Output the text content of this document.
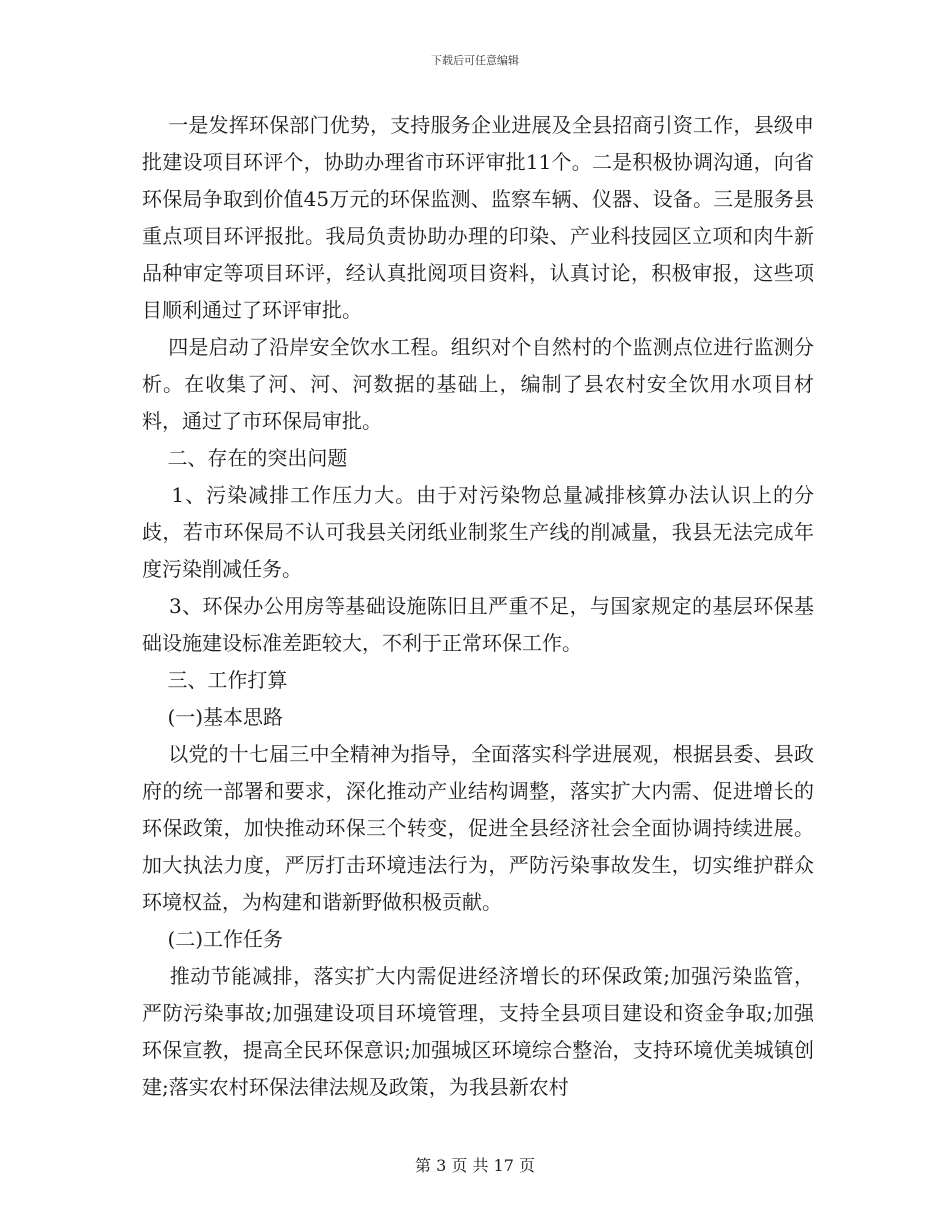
下载后可任意编辑

一是发挥环保部门优势，支持服务企业进展及全县招商引资工作，县级申批建设项目环评个，协助办理省市环评审批11个。二是积极协调沟通，向省环保局争取到价值45万元的环保监测、监察车辆、仪器、设备。三是服务县重点项目环评报批。我局负责协助办理的印染、产业科技园区立项和肉牛新品种审定等项目环评，经认真批阅项目资料，认真讨论，积极审报，这些项目顺利通过了环评审批。

四是启动了沿岸安全饮水工程。组织对个自然村的个监测点位进行监测分析。在收集了河、河、河数据的基础上，编制了县农村安全饮用水项目材料，通过了市环保局审批。

二、存在的突出问题

1、污染减排工作压力大。由于对污染物总量减排核算办法认识上的分歧，若市环保局不认可我县关闭纸业制浆生产线的削减量，我县无法完成年度污染削减任务。

3、环保办公用房等基础设施陈旧且严重不足，与国家规定的基层环保基础设施建设标准差距较大，不利于正常环保工作。

三、工作打算

(一)基本思路

以党的十七届三中全精神为指导，全面落实科学进展观，根据县委、县政府的统一部署和要求，深化推动产业结构调整，落实扩大内需、促进增长的环保政策，加快推动环保三个转变，促进全县经济社会全面协调持续进展。加大执法力度，严厉打击环境违法行为，严防污染事故发生，切实维护群众环境权益，为构建和谐新野做积极贡献。

(二)工作任务

推动节能减排，落实扩大内需促进经济增长的环保政策;加强污染监管，严防污染事故;加强建设项目环境管理，支持全县项目建设和资金争取;加强环保宣教，提高全民环保意识;加强城区环境综合整治，支持环境优美城镇创建;落实农村环保法律法规及政策，为我县新农村

第 3 页 共 17 页
